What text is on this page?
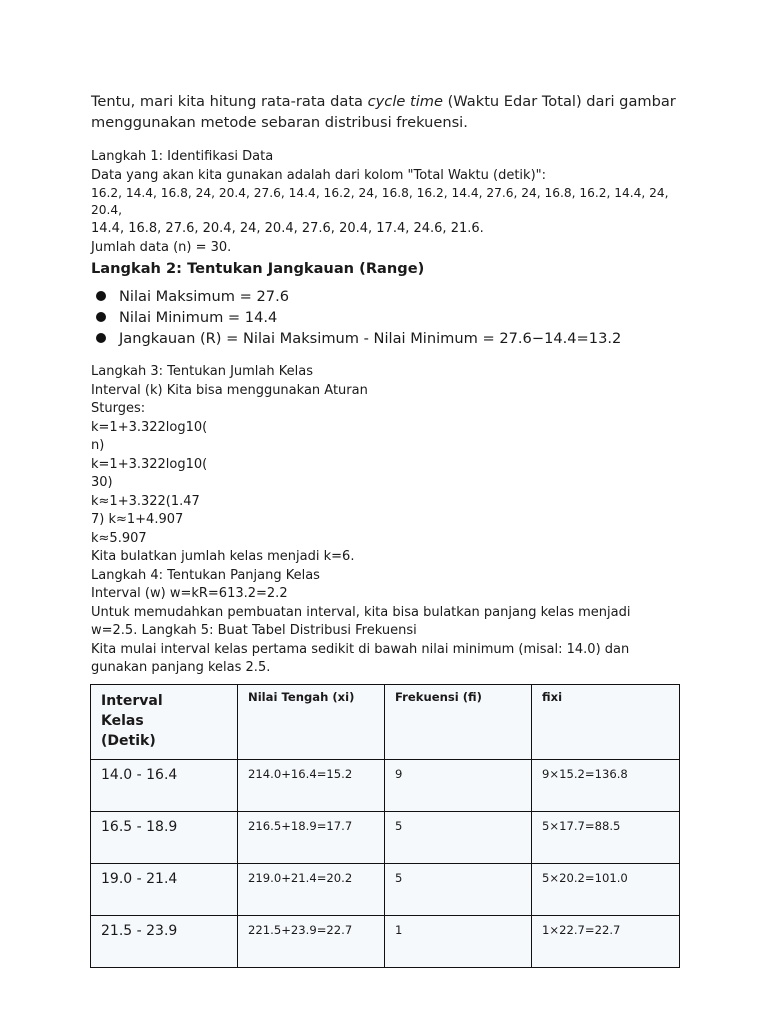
Tentu, mari kita hitung rata-rata data cycle time (Waktu Edar Total) dari gambar
menggunakan metode sebaran distribusi frekuensi.
Langkah 1: Identifikasi Data
Data yang akan kita gunakan adalah dari kolom "Total Waktu (detik)":
16.2, 14.4, 16.8, 24, 20.4, 27.6, 14.4, 16.2, 24, 16.8, 16.2, 14.4, 27.6, 24, 16.8, 16.2, 14.4, 24,
20.4,
14.4, 16.8, 27.6, 20.4, 24, 20.4, 27.6, 20.4, 17.4, 24.6, 21.6.
Jumlah data (n) = 30.
Langkah 2: Tentukan Jangkauan (Range)
Nilai Maksimum = 27.6
Nilai Minimum = 14.4
Jangkauan (R) = Nilai Maksimum - Nilai Minimum = 27.6−14.4=13.2
Langkah 3: Tentukan Jumlah Kelas
Interval (k) Kita bisa menggunakan Aturan
Sturges:
k=1+3.322log10(
n)
k=1+3.322log10(
30)
k≈1+3.322(1.47
7) k≈1+4.907
k≈5.907
Kita bulatkan jumlah kelas menjadi k=6.
Langkah 4: Tentukan Panjang Kelas
Interval (w) w=kR=613.2=2.2
Untuk memudahkan pembuatan interval, kita bisa bulatkan panjang kelas menjadi
w=2.5. Langkah 5: Buat Tabel Distribusi Frekuensi
Kita mulai interval kelas pertama sedikit di bawah nilai minimum (misal: 14.0) dan
gunakan panjang kelas 2.5.
Interval
Kelas
(Detik)	Nilai Tengah (xi)	Frekuensi (fi)	fixi
14.0 - 16.4	214.0+16.4=15.2	9	9×15.2=136.8
16.5 - 18.9	216.5+18.9=17.7	5	5×17.7=88.5
19.0 - 21.4	219.0+21.4=20.2	5	5×20.2=101.0
21.5 - 23.9	221.5+23.9=22.7	1	1×22.7=22.7
